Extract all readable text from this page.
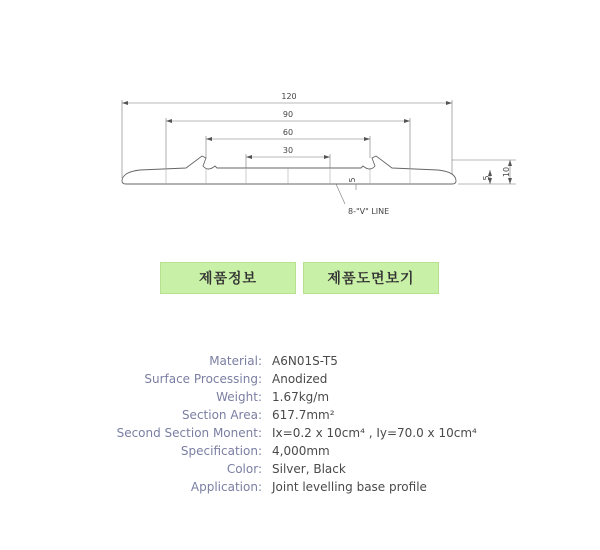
120
90
60
30
5	5
10
8-"V" LINE
제품정보	제품도면보기
Material: A6N01S-T5
Surface Processing: Anodized
Weight: 1.67kg/m
Section Area: 617.7mm²
Second Section Monent: Ix=0.2 x 10cm⁴ , Iy=70.0 x 10cm⁴
Specification: 4,000mm
Color: Silver, Black
Application: Joint levelling base profile
